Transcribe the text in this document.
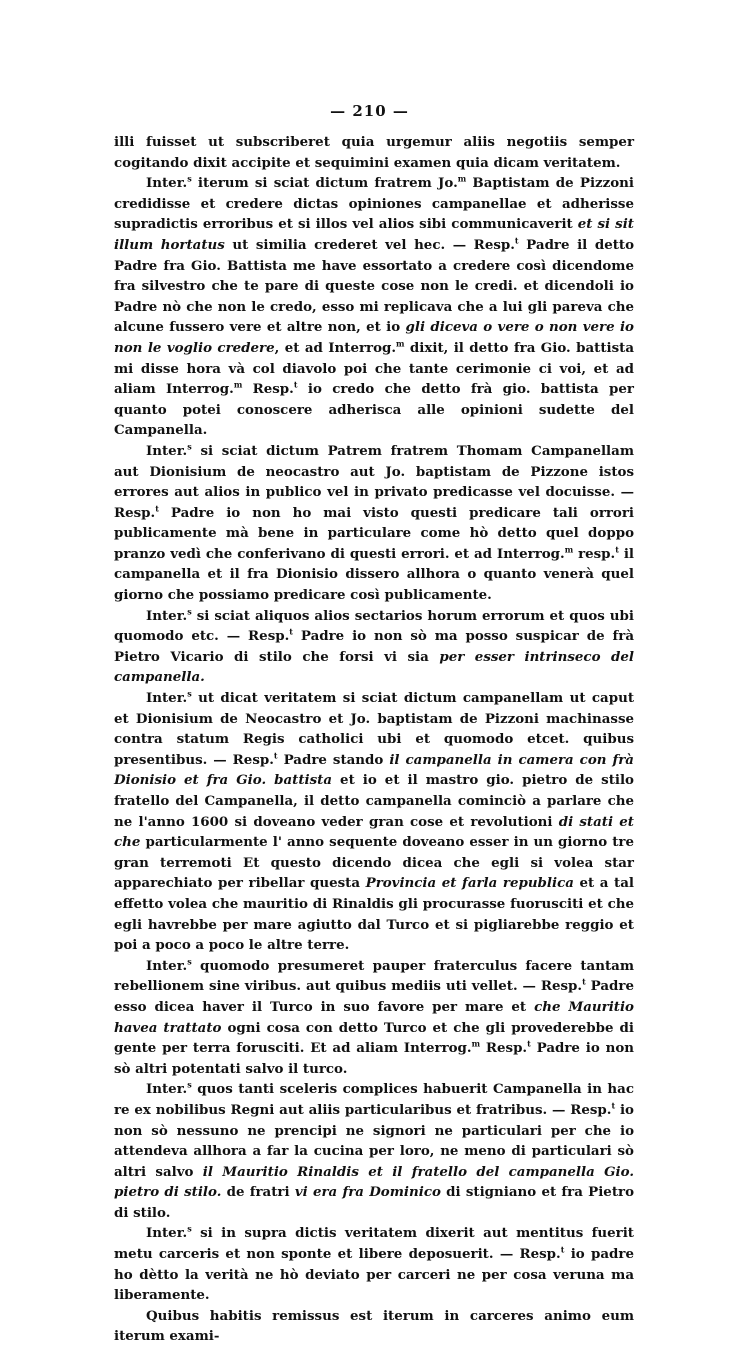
— 210 —

illi fuisset ut subscriberet quia urgemur aliis negotiis semper cogitando dixit accipite et sequimini examen quia dicam veritatem.

Inter.$^s$ iterum si sciat dictum fratrem Jo.$^m$ Baptistam de Pizzoni credidisse et credere dictas opiniones campanellae et adherisse supradictis erroribus et si illos vel alios sibi communicaverit et si sit illum hortatus ut similia crederet vel hec. — Resp.$^t$ Padre il detto Padre fra Gio. Battista me have essortato a credere così dicendome fra silvestro che te pare di queste cose non le credi. et dicendoli io Padre nò che non le credo, esso mi replicava che a lui gli pareva che alcune fussero vere et altre non, et io gli diceva o vere o non vere io non le voglio credere, et ad Interrog.$^m$ dixit, il detto fra Gio. battista mi disse hora và col diavolo poi che tante cerimonie ci voi, et ad aliam Interrog.$^m$ Resp.$^t$ io credo che detto frà gio. battista per quanto potei conoscere adherisca alle opinioni sudette del Campanella.

Inter.$^s$ si sciat dictum Patrem fratrem Thomam Campanellam aut Dionisium de neocastro aut Jo. baptistam de Pizzone istos errores aut alios in publico vel in privato predicasse vel docuisse. — Resp.$^t$ Padre io non ho mai visto questi predicare tali orrori publicamente mà bene in particulare come hò detto quel doppo pranzo vedì che conferivano di questi errori. et ad Interrog.$^m$ resp.$^t$ il campanella et il fra Dionisio dissero allhora o quanto venerà quel giorno che possiamo predicare così publicamente.

Inter.$^s$ si sciat aliquos alios sectarios horum errorum et quos ubi quomodo etc. — Resp.$^t$ Padre io non sò ma posso suspicar de frà Pietro Vicario di stilo che forsi vi sia per esser intrinseco del campanella.

Inter.$^s$ ut dicat veritatem si sciat dictum campanellam ut caput et Dionisium de Neocastro et Jo. baptistam de Pizzoni machinasse contra statum Regis catholici ubi et quomodo etcet. quibus presentibus. — Resp.$^t$ Padre stando il campanella in camera con frà Dionisio et fra Gio. battista et io et il mastro gio. pietro de stilo fratello del Campanella, il detto campanella cominciò a parlare che ne l'anno 1600 si doveano veder gran cose et revolutioni di stati et che particularmente l' anno sequente doveano esser in un giorno tre gran terremoti Et questo dicendo dicea che egli si volea star apparechiato per ribellar questa Provincia et farla republica et a tal effetto volea che mauritio di Rinaldis gli procurasse fuorusciti et che egli havrebbe per mare agiutto dal Turco et si pigliarebbe reggio et poi a poco a poco le altre terre.

Inter.$^s$ quomodo presumeret pauper fraterculus facere tantam rebellionem sine viribus. aut quibus mediis uti vellet. — Resp.$^t$ Padre esso dicea haver il Turco in suo favore per mare et che Mauritio havea trattato ogni cosa con detto Turco et che gli provederebbe di gente per terra forusciti. Et ad aliam Interrog.$^m$ Resp.$^t$ Padre io non sò altri potentati salvo il turco.

Inter.$^s$ quos tanti sceleris complices habuerit Campanella in hac re ex nobilibus Regni aut aliis particularibus et fratribus. — Resp.$^t$ io non sò nessuno ne prencipi ne signori ne particulari per che io attendeva allhora a far la cucina per loro, ne meno di particulari sò altri salvo il Mauritio Rinaldis et il fratello del campanella Gio. pietro di stilo. de fratri vi era fra Dominico di stigniano et fra Pietro di stilo.

Inter.$^s$ si in supra dictis veritatem dixerit aut mentitus fuerit metu carceris et non sponte et libere deposuerit. — Resp.$^t$ io padre ho dètto la verità ne hò deviato per carceri ne per cosa veruna ma liberamente.

Quibus habitis remissus est iterum in carceres animo eum iterum exami-
